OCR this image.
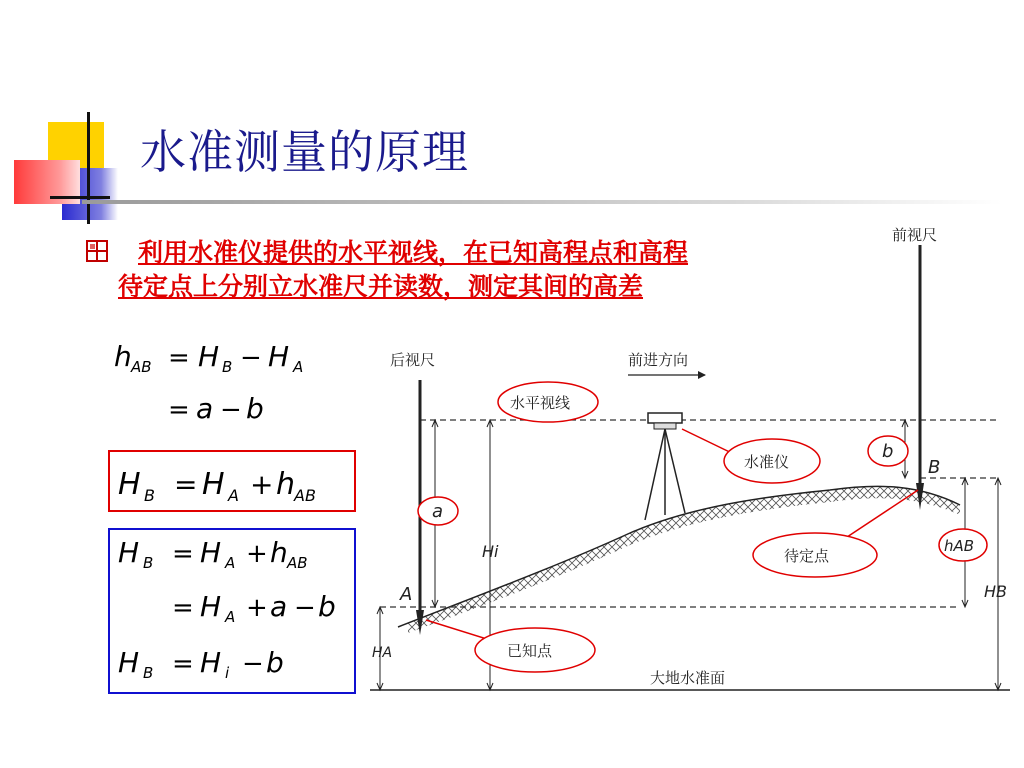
水准测量的原理
利用水准仪提供的水平视线，在已知高程点和高程
待定点上分别立水准尺并读数，测定其间的高差
h AB = H B − H A
= a − b
H B = H A + h
AB
H B = H A + h AB
= H A + a − b
H B = H i − b
后视尺
前视尺
前进方向
大地水准面
A
B
Hi
HA
HB
a
b
hAB
水平视线
水准仪
待定点
已知点
